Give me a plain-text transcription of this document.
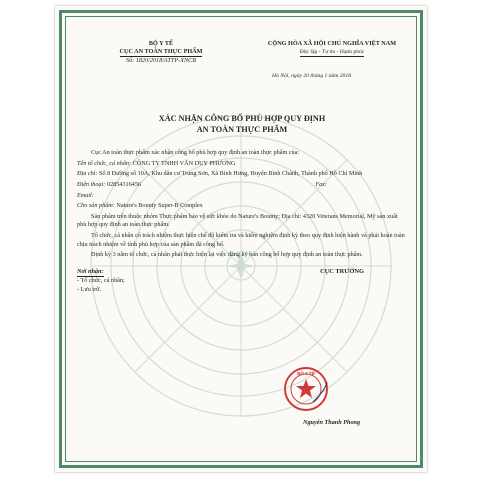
BỘ Y TẾ
CỤC AN TOÀN THỰC PHẨM
Số: 1820/2018/ATTP-XNCB
CỘNG HÒA XÃ HỘI CHỦ NGHĨA VIỆT NAM
Độc lập - Tự do - Hạnh phúc
Hà Nội, ngày 20 tháng 1 năm 2018
XÁC NHẬN CÔNG BỐ PHÙ HỢP QUY ĐỊNH
AN TOÀN THỰC PHẨM

Cục An toàn thực phẩm xác nhận công bố phù hợp quy định an toàn thực phẩm của:

Tên tổ chức, cá nhân: CÔNG TY TNHH VĂN DUY PHƯƠNG
Địa chỉ: Số 8 Đường số 10A, Khu dân cư Trung Sơn, Xã Bình Hưng, Huyện Bình Chánh, Thành phố Hồ Chí Minh
Điện thoại: 02854316456	Fax:
Email:
Cho sản phẩm: Nature's Bounty Super-B Complex

Sản phẩm trên thuộc nhóm Thực phẩm bảo vệ sức khỏe do Nature's Bounty; Địa chỉ: 4320 Veterans Memorial, Mỹ sản xuất phù hợp quy định an toàn thực phẩm.

Tổ chức, cá nhân có trách nhiệm thực hiện chế độ kiểm tra và kiểm nghiệm định kỳ theo quy định hiện hành và phải hoàn toàn chịu trách nhiệm về tính phù hợp của sản phẩm đã công bố.

Định kỳ 3 năm tổ chức, cá nhân phải thực hiện lại việc đăng ký bản công bố hợp quy định an toàn thực phẩm.

Nơi nhận:
- Tổ chức, cá nhân;
- Lưu trữ.
CỤC TRƯỞNG
BỘ Y TẾ
Nguyễn Thanh Phong
